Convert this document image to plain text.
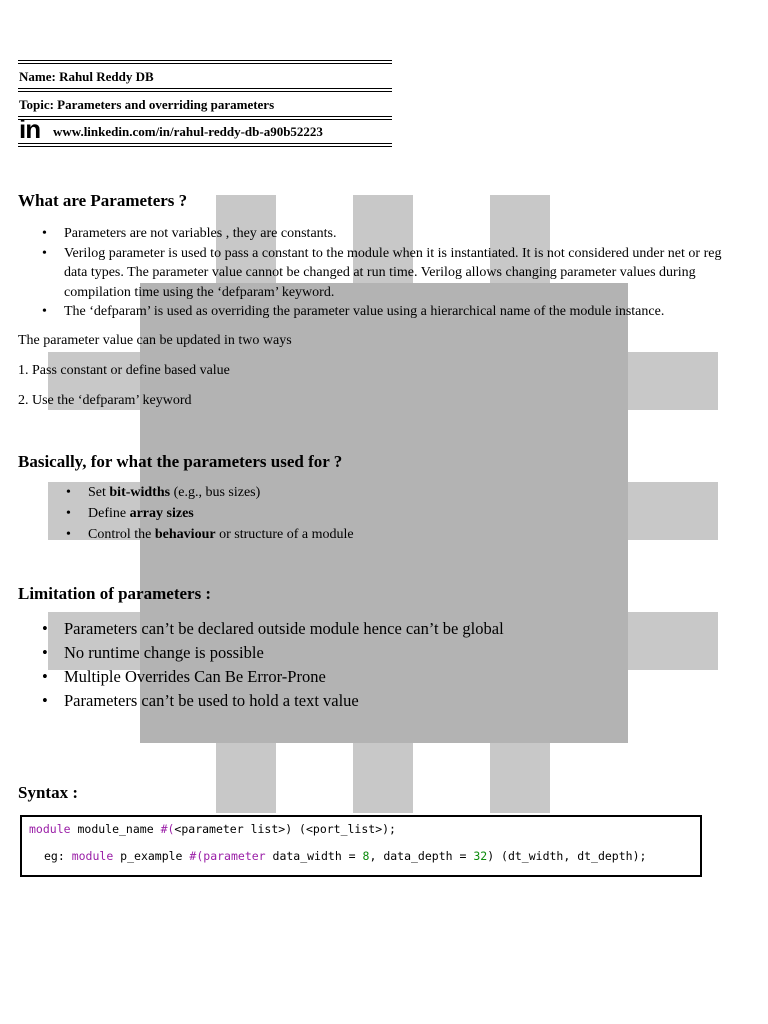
Name: Rahul Reddy DB
Topic: Parameters and overriding parameters
in www.linkedin.com/in/rahul-reddy-db-a90b52223
What are Parameters ?
• Parameters are not variables , they are constants.
• Verilog parameter is used to pass a constant to the module when it is instantiated. It is not considered under net or reg data types. The parameter value cannot be changed at run time. Verilog allows changing parameter values during compilation time using the ‘defparam’ keyword.
• The ‘defparam’ is used as overriding the parameter value using a hierarchical name of the module instance.
The parameter value can be updated in two ways
1. Pass constant or define based value
2. Use the ‘defparam’ keyword
Basically, for what the parameters used for ?
• Set bit-widths (e.g., bus sizes)
• Define array sizes
• Control the behaviour or structure of a module
Limitation of parameters :
• Parameters can’t be declared outside module hence can’t be global
• No runtime change is possible
• Multiple Overrides Can Be Error-Prone
• Parameters can’t be used to hold a text value
Syntax :
module module_name #(<parameter list>) (<port_list>);
eg: module p_example #(parameter data_width = 8, data_depth = 32) (dt_width, dt_depth);
